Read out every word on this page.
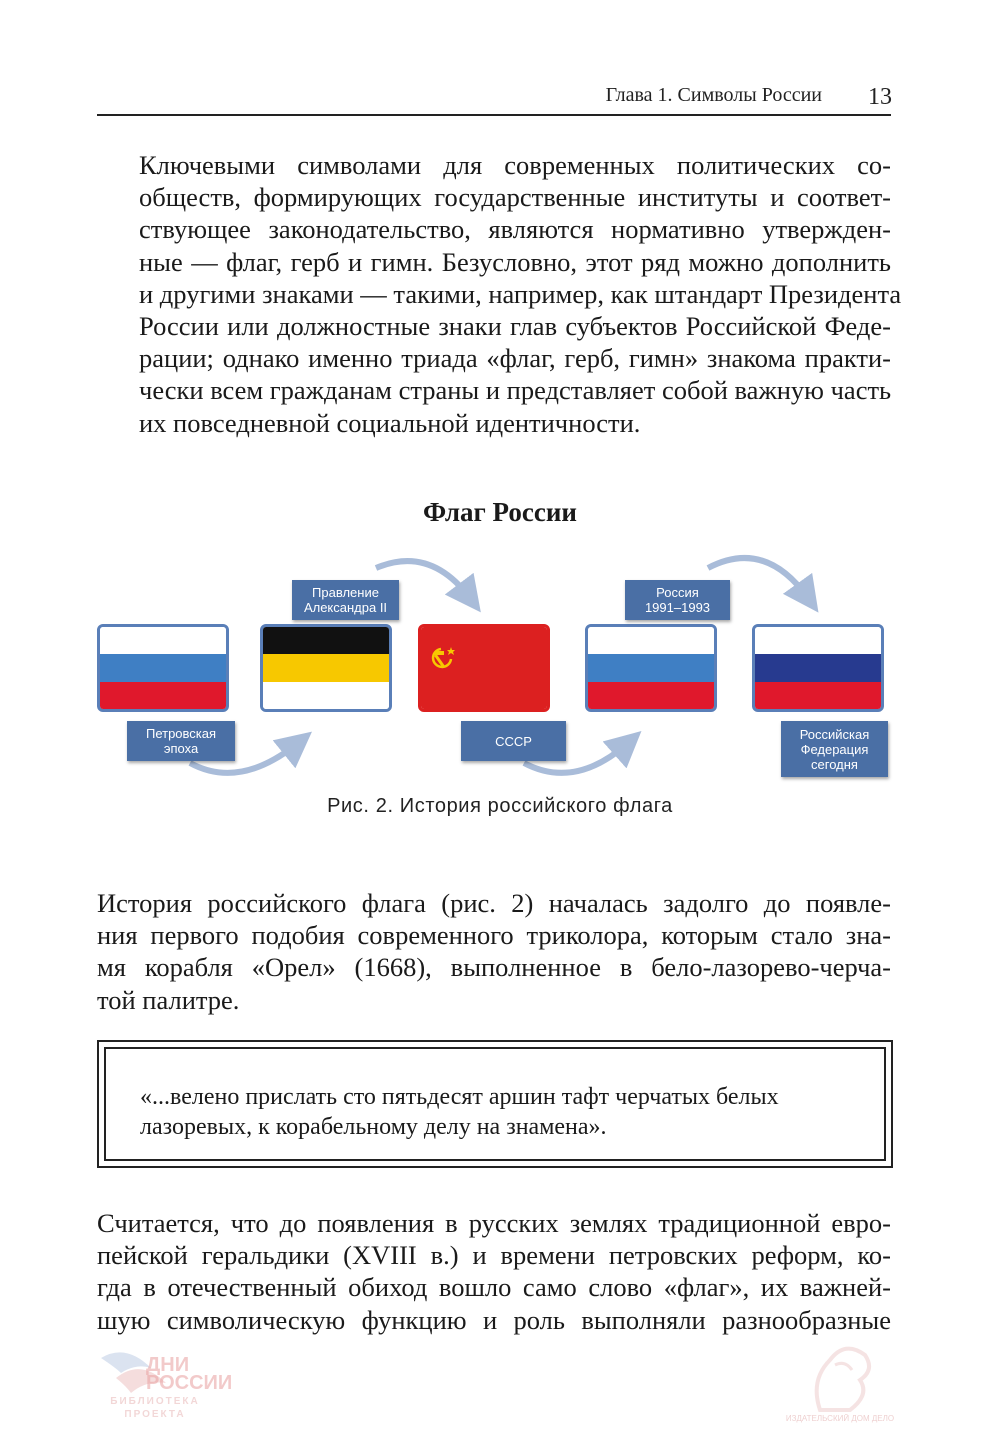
Глава 1. Символы России	13

Ключевыми символами для современных политических со-
обществ, формирующих государственные институты и соответ-
ствующее законодательство, являются нормативно утвержден-
ные — флаг, герб и гимн. Безусловно, этот ряд можно дополнить
и другими знаками — такими, например, как штандарт Президента
России или должностные знаки глав субъектов Российской Феде-
рации; однако именно триада «флаг, герб, гимн» знакома практи-
чески всем гражданам страны и представляет собой важную часть
их повседневной социальной идентичности.

Флаг России
Петровская
эпоха
Правление
Александра II
СССР
Россия
1991–1993
Российская
Федерация
сегодня
Рис. 2. История российского флага

История российского флага (рис. 2) началась задолго до появле-
ния первого подобия современного триколора, которым стало зна-
мя корабля «Орел» (1668), выполненное в бело-лазорево-черча-
той палитре.

«...велено прислать сто пятьдесят аршин тафт черчатых белых
лазоревых, к корабельному делу на знамена».

Считается, что до появления в русских землях традиционной евро-
пейской геральдики (XVIII в.) и времени петровских реформ, ко-
гда в отечественный обиход вошло само слово «флаг», их важней-
шую символическую функцию и роль выполняли разнообразные

ДНИ
РОССИИ
БИБЛИОТЕКА ПРОЕКТА	ИЗДАТЕЛЬСКИЙ ДОМ ДЕЛО
